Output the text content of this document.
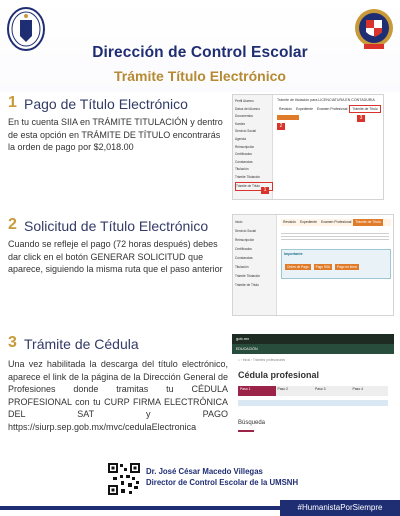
Dirección de Control Escolar
Trámite Título Electrónico
1 Pago de Título Electrónico
En tu cuenta SIIA en TRÁMITE TITULACIÓN y dentro de esta opción en TRÁMITE DE TÍTULO encontrarás la orden de pago por $2,018.00
Perfil Alumno
Datos del Alumno
Documentos
Kardex
Servicio Social
Agenda
Reinscripción
Certificados
Constancias
Titulación
Trámite Titulación
Trámite de Título
Trámite de titulación para LICENCIATURA EN CONTADURIA
Revisión	Expediente	Examen Profesional	Trámite de Título
2
3
1
2 Solicitud de Título Electrónico
Cuando se refleje el pago (72 horas después) debes dar click en el botón GENERAR SOLICITUD que aparece, siguiendo la misma ruta que el paso anterior
Inicio
Servicio Social
Reinscripción
Certificados
Constancias
Titulación
Trámite Titulación
Trámite de Título
Revisión	Expediente	Examen Profesional	Trámite de Título
Importante
Orden de Pago	Pago SIIA	Pago en línea
3 Trámite de Cédula
Una vez habilitada la descarga del título electrónico, aparece el link de la página de la Dirección General de Profesiones donde tramitas tu CÉDULA PROFESIONAL con tu CURP FIRMA ELECTRÓNICA DEL SAT y PAGO https://siurp.sep.gob.mx/mvc/cedulaElectronica
gob.mx
EDUCACIÓN
⌂ › Inicio › Trámites profesionales
Cédula profesional
Paso 1	Paso 2	Paso 3	Paso 4
Búsqueda
Dr. José César Macedo Villegas
Director de Control Escolar de la UMSNH
#HumanistaPorSiempre
